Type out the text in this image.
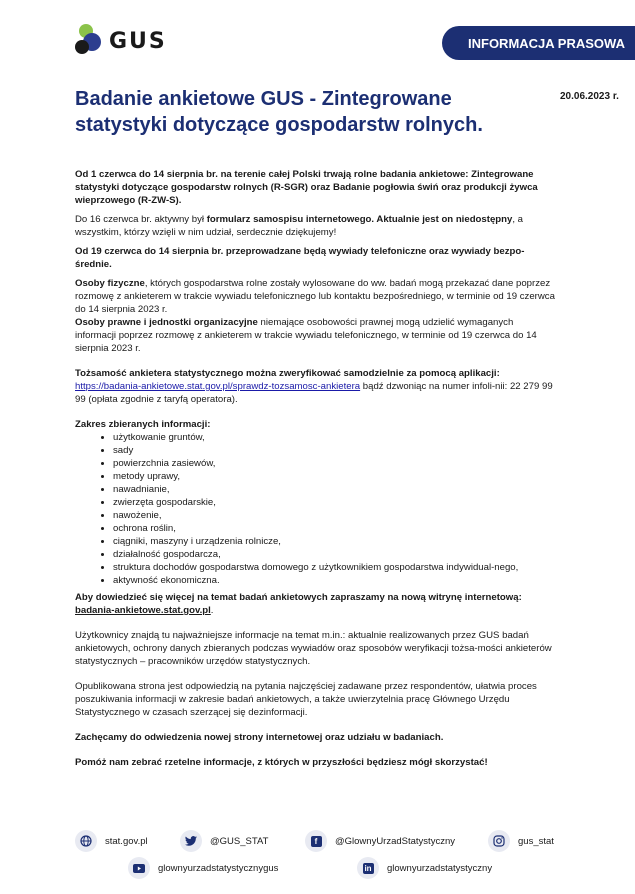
GUS	INFORMACJA PRASOWA
20.06.2023 r.
Badanie ankietowe GUS - Zintegrowane statystyki dotyczące gospodarstw rolnych.

Od 1 czerwca do 14 sierpnia br. na terenie całej Polski trwają rolne badania ankietowe: Zintegrowane statystyki dotyczące gospodarstw rolnych (R-SGR) oraz Badanie pogłowia świń oraz produkcji żywca wieprzowego (R-ZW-S).

Do 16 czerwca br. aktywny był formularz samospisu internetowego. Aktualnie jest on niedostępny, a wszystkim, którzy wzięli w nim udział, serdecznie dziękujemy!

Od 19 czerwca do 14 sierpnia br. przeprowadzane będą wywiady telefoniczne oraz wywiady bezpo-średnie.

Osoby fizyczne, których gospodarstwa rolne zostały wylosowane do ww. badań mogą przekazać dane poprzez rozmowę z ankieterem w trakcie wywiadu telefonicznego lub kontaktu bezpośredniego, w terminie od 19 czerwca do 14 sierpnia 2023 r.

Osoby prawne i jednostki organizacyjne niemające osobowości prawnej mogą udzielić wymaganych informacji poprzez rozmowę z ankieterem w trakcie wywiadu telefonicznego, w terminie od 19 czerwca do 14 sierpnia 2023 r.

Tożsamość ankietera statystycznego można zweryfikować samodzielnie za pomocą aplikacji:
https://badania-ankietowe.stat.gov.pl/sprawdz-tozsamosc-ankietera bądź dzwoniąc na numer infoli-nii: 22 279 99 99 (opłata zgodnie z taryfą operatora).

Zakres zbieranych informacji:

• użytkowanie gruntów,
• sady
• powierzchnia zasiewów,
• metody uprawy,
• nawadnianie,
• zwierzęta gospodarskie,
• nawożenie,
• ochrona roślin,
• ciągniki, maszyny i urządzenia rolnicze,
• działalność gospodarcza,
• struktura dochodów gospodarstwa domowego z użytkownikiem gospodarstwa indywidual-nego,
• aktywność ekonomiczna.

Aby dowiedzieć się więcej na temat badań ankietowych zapraszamy na nową witrynę internetową:
badania-ankietowe.stat.gov.pl.

Użytkownicy znajdą tu najważniejsze informacje na temat m.in.: aktualnie realizowanych przez GUS badań ankietowych, ochrony danych zbieranych podczas wywiadów oraz sposobów weryfikacji tożsa-mości ankieterów statystycznych – pracowników urzędów statystycznych.

Opublikowana strona jest odpowiedzią na pytania najczęściej zadawane przez respondentów, ułatwia proces poszukiwania informacji w zakresie badań ankietowych, a także uwierzytelnia pracę Głównego Urzędu Statystycznego w czasach szerzącej się dezinformacji.

Zachęcamy do odwiedzenia nowej strony internetowej oraz udziału w badaniach.

Pomóż nam zebrać rzetelne informacje, z których w przyszłości będziesz mógł skorzystać!

stat.gov.pl	@GUS_STAT	f	@GlownyUrzadStatystyczny	gus_stat
glownyurzadstatystycznygus	in glownyurzadstatystyczny
